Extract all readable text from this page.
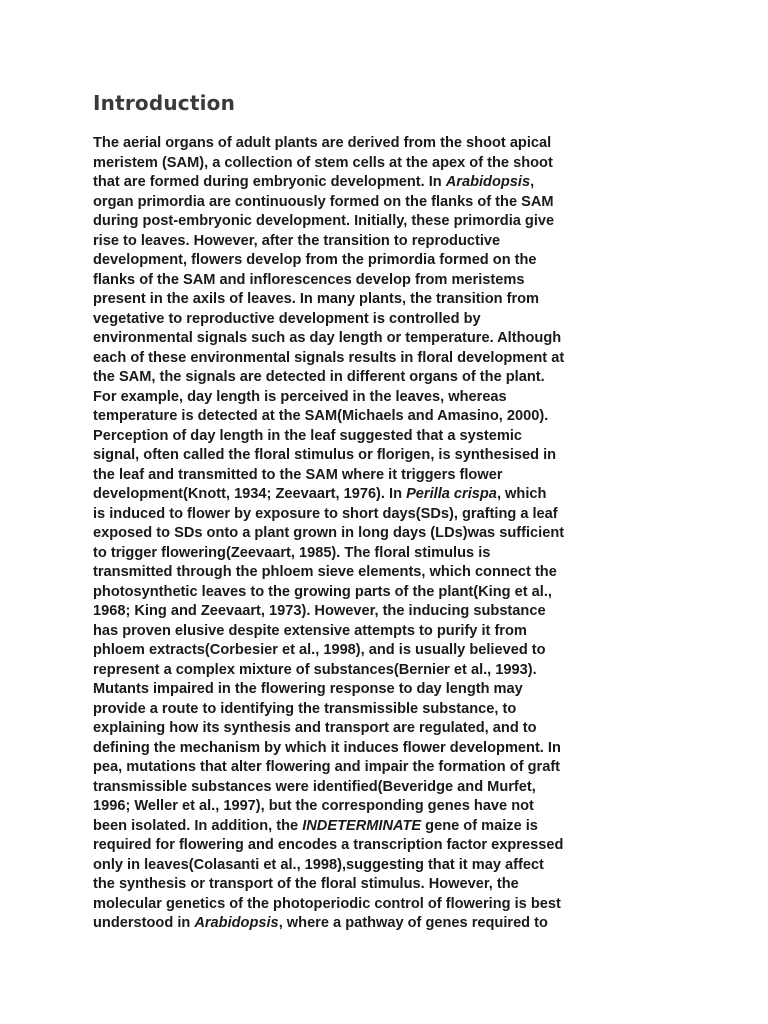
Introduction
The aerial organs of adult plants are derived from the shoot apical
meristem (SAM), a collection of stem cells at the apex of the shoot
that are formed during embryonic development. In Arabidopsis,
organ primordia are continuously formed on the flanks of the SAM
during post-embryonic development. Initially, these primordia give
rise to leaves. However, after the transition to reproductive
development, flowers develop from the primordia formed on the
flanks of the SAM and inflorescences develop from meristems
present in the axils of leaves. In many plants, the transition from
vegetative to reproductive development is controlled by
environmental signals such as day length or temperature. Although
each of these environmental signals results in floral development at
the SAM, the signals are detected in different organs of the plant.
For example, day length is perceived in the leaves, whereas
temperature is detected at the SAM(Michaels and Amasino, 2000).
Perception of day length in the leaf suggested that a systemic
signal, often called the floral stimulus or florigen, is synthesised in
the leaf and transmitted to the SAM where it triggers flower
development(Knott, 1934; Zeevaart, 1976). In Perilla crispa, which
is induced to flower by exposure to short days(SDs), grafting a leaf
exposed to SDs onto a plant grown in long days (LDs)was sufficient
to trigger flowering(Zeevaart, 1985). The floral stimulus is
transmitted through the phloem sieve elements, which connect the
photosynthetic leaves to the growing parts of the plant(King et al.,
1968; King and Zeevaart, 1973). However, the inducing substance
has proven elusive despite extensive attempts to purify it from
phloem extracts(Corbesier et al., 1998), and is usually believed to
represent a complex mixture of substances(Bernier et al., 1993).
Mutants impaired in the flowering response to day length may
provide a route to identifying the transmissible substance, to
explaining how its synthesis and transport are regulated, and to
defining the mechanism by which it induces flower development. In
pea, mutations that alter flowering and impair the formation of graft
transmissible substances were identified(Beveridge and Murfet,
1996; Weller et al., 1997), but the corresponding genes have not
been isolated. In addition, the INDETERMINATE gene of maize is
required for flowering and encodes a transcription factor expressed
only in leaves(Colasanti et al., 1998),suggesting that it may affect
the synthesis or transport of the floral stimulus. However, the
molecular genetics of the photoperiodic control of flowering is best
understood in Arabidopsis, where a pathway of genes required to
